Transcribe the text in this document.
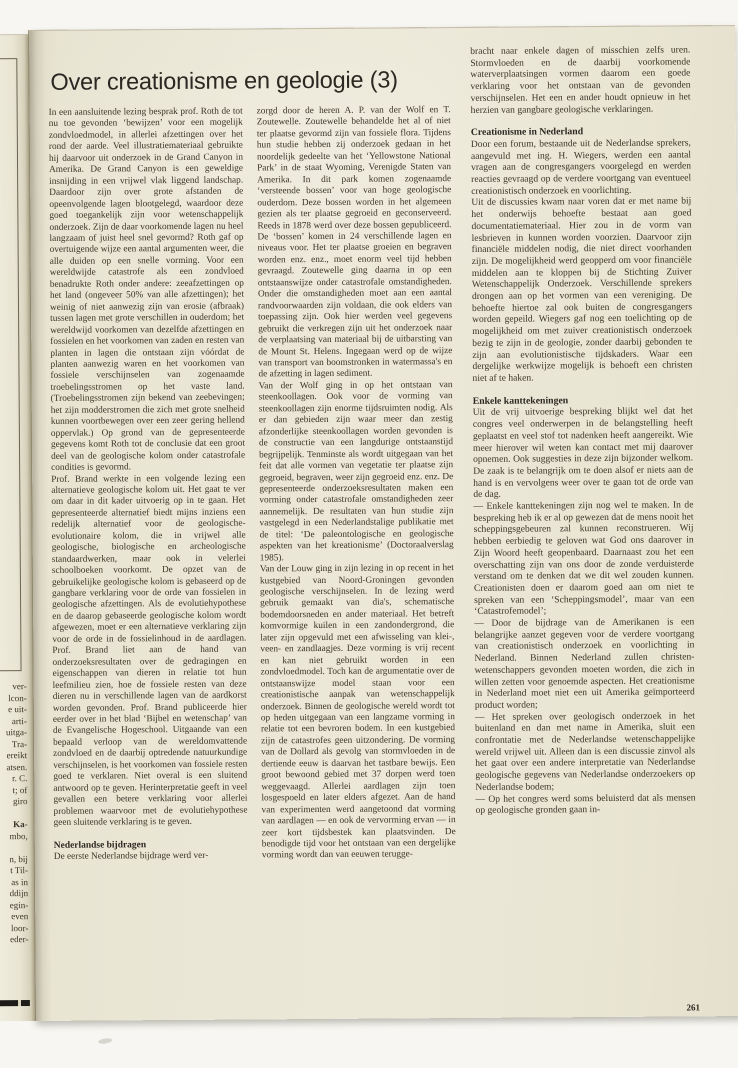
ver-
lcon-
e uit-
arti-
uitga-
Tra-
ereikt
atsen.
r. C.
t; of
giro
Ka-
mbo,
n, bij
t Til-
as in
ddijn
egin-
even
loor-
eder-
Over creationisme en geologie (3)

In een aansluitende lezing besprak prof. Roth de tot nu toe gevonden ‘bewijzen’ voor een mogelijk zondvloedmodel, in allerlei afzettingen over het rond der aarde. Veel illustratiemateriaal gebruikte hij daarvoor uit onderzoek in de Grand Canyon in Amerika. De Grand Canyon is een geweldige insnijding in een vrijwel vlak liggend landschap. Daardoor zijn over grote afstanden de opeenvolgende lagen blootgelegd, waardoor deze goed toegankelijk zijn voor wetenschappelijk onderzoek. Zijn de daar voorkomende lagen nu heel langzaam of juist heel snel gevormd? Roth gaf op overtuigende wijze een aantal argumenten weer, die alle duiden op een snelle vorming. Voor een wereldwijde catastrofe als een zondvloed benadrukte Roth onder andere: zeeafzettingen op het land (ongeveer 50% van alle afzettingen); het weinig of niet aanwezig zijn van erosie (afbraak) tussen lagen met grote verschillen in ouderdom; het wereldwijd voorkomen van dezelfde afzettingen en fossielen en het voorkomen van zaden en resten van planten in lagen die ontstaan zijn vóórdat de planten aanwezig waren en het voorkomen van fossiele verschijnselen van zogenaamde troebelingsstromen op het vaste land. (Troebelingsstromen zijn bekend van zeebevingen; het zijn modderstromen die zich met grote snelheid kunnen voortbewegen over een zeer gering hellend oppervlak.) Op grond van de gepresenteerde gegevens komt Roth tot de conclusie dat een groot deel van de geologische kolom onder catastrofale condities is gevormd.

Prof. Brand werkte in een volgende lezing een alternatieve geologische kolom uit. Het gaat te ver om daar in dit kader uitvoerig op in te gaan. Het gepresenteerde alternatief biedt mijns inziens een redelijk alternatief voor de geologische-evolutionaire kolom, die in vrijwel alle geologische, biologische en archeologische standaardwerken, maar ook in velerlei schoolboeken voorkomt. De opzet van de gebruikelijke geologische kolom is gebaseerd op de gangbare verklaring voor de orde van fossielen in geologische afzettingen. Als de evolutiehypothese en de daarop gebaseerde geologische kolom wordt afgewezen, moet er een alternatieve verklaring zijn voor de orde in de fossielinhoud in de aardlagen. Prof. Brand liet aan de hand van onderzoeksresultaten over de gedragingen en eigenschappen van dieren in relatie tot hun leefmilieu zien, hoe de fossiele resten van deze dieren nu in verschillende lagen van de aardkorst worden gevonden. Prof. Brand publiceerde hier eerder over in het blad ‘Bijbel en wetenschap’ van de Evangelische Hogeschool. Uitgaande van een bepaald verloop van de wereldomvattende zondvloed en de daarbij optredende natuurkundige verschijnselen, is het voorkomen van fossiele resten goed te verklaren. Niet overal is een sluitend antwoord op te geven. Herinterpretatie geeft in veel gevallen een betere verklaring voor allerlei problemen waarvoor met de evolutiehypothese geen sluitende verklaring is te geven.

Nederlandse bijdragen

De eerste Nederlandse bijdrage werd ver-

zorgd door de heren A. P. van der Wolf en T. Zoutewelle. Zoutewelle behandelde het al of niet ter plaatse gevormd zijn van fossiele flora. Tijdens hun studie hebben zij onderzoek gedaan in het noordelijk gedeelte van het ‘Yellowstone National Park’ in de staat Wyoming, Verenigde Staten van Amerika. In dit park komen zogenaamde ‘versteende bossen’ voor van hoge geologische ouderdom. Deze bossen worden in het algemeen gezien als ter plaatse gegroeid en geconserveerd. Reeds in 1878 werd over deze bossen gepubliceerd. De ‘bossen’ komen in 24 verschillende lagen en niveaus voor. Het ter plaatse groeien en begraven worden enz. enz., moet enorm veel tijd hebben gevraagd. Zoutewelle ging daarna in op een ontstaanswijze onder catastrofale omstandigheden. Onder die omstandigheden moet aan een aantal randvoorwaarden zijn voldaan, die ook elders van toepassing zijn. Ook hier werden veel gegevens gebruikt die verkregen zijn uit het onderzoek naar de verplaatsing van materiaal bij de uitbarsting van de Mount St. Helens. Ingegaan werd op de wijze van transport van boomstronken in watermassa's en de afzetting in lagen sediment.

Van der Wolf ging in op het ontstaan van steenkoollagen. Ook voor de vorming van steenkoollagen zijn enorme tijdsruimten nodig. Als er dan gebieden zijn waar meer dan zestig afzonderlijke steenkoollagen worden gevonden is de constructie van een langdurige ontstaanstijd begrijpelijk. Tenminste als wordt uitgegaan van het feit dat alle vormen van vegetatie ter plaatse zijn gegroeid, begraven, weer zijn gegroeid enz. enz. De gepresenteerde onderzoeksresultaten maken een vorming onder catastrofale omstandigheden zeer aannemelijk. De resultaten van hun studie zijn vastgelegd in een Nederlandstalige publikatie met de titel: ‘De paleontologische en geologische aspekten van het kreationisme’ (Doctoraalverslag 1985).

Van der Louw ging in zijn lezing in op recent in het kustgebied van Noord-Groningen gevonden geologische verschijnselen. In de lezing werd gebruik gemaakt van dia's, schematische bodemdoorsneden en ander materiaal. Het betreft komvormige kuilen in een zandondergrond, die later zijn opgevuld met een afwisseling van klei-, veen- en zandlaagjes. Deze vorming is vrij recent en kan niet gebruikt worden in een zondvloedmodel. Toch kan de argumentatie over de ontstaanswijze model staan voor een creationistische aanpak van wetenschappelijk onderzoek. Binnen de geologische wereld wordt tot op heden uitgegaan van een langzame vorming in relatie tot een bevroren bodem. In een kustgebied zijn de catastrofes geen uitzondering. De vorming van de Dollard als gevolg van stormvloeden in de dertiende eeuw is daarvan het tastbare bewijs. Een groot bewoond gebied met 37 dorpen werd toen weggevaagd. Allerlei aardlagen zijn toen losgespoeld en later elders afgezet. Aan de hand van experimenten werd aangetoond dat vorming van aardlagen — en ook de vervorming ervan — in zeer kort tijdsbestek kan plaatsvinden. De benodigde tijd voor het ontstaan van een dergelijke vorming wordt dan van eeuwen terugge-

bracht naar enkele dagen of misschien zelfs uren. Stormvloeden en de daarbij voorkomende waterverplaatsingen vormen daarom een goede verklaring voor het ontstaan van de gevonden verschijnselen. Het een en ander houdt opnieuw in het herzien van gangbare geologische verklaringen.

Creationisme in Nederland

Door een forum, bestaande uit de Nederlandse sprekers, aangevuld met ing. H. Wiegers, werden een aantal vragen aan de congresgangers voorgelegd en werden reacties gevraagd op de verdere voortgang van eventueel creationistisch onderzoek en voorlichting.

Uit de discussies kwam naar voren dat er met name bij het onderwijs behoefte bestaat aan goed documentatiemateriaal. Hier zou in de vorm van lesbrieven in kunnen worden voorzien. Daarvoor zijn financiële middelen nodig, die niet direct voorhanden zijn. De mogelijkheid werd geopperd om voor financiële middelen aan te kloppen bij de Stichting Zuiver Wetenschappelijk Onderzoek. Verschillende sprekers drongen aan op het vormen van een vereniging. De behoefte hiertoe zal ook buiten de congresgangers worden gepeild. Wiegers gaf nog een toelichting op de mogelijkheid om met zuiver creationistisch onderzoek bezig te zijn in de geologie, zonder daarbij gebonden te zijn aan evolutionistische tijdskaders. Waar een dergelijke werkwijze mogelijk is behoeft een christen niet af te haken.

Enkele kanttekeningen

Uit de vrij uitvoerige bespreking blijkt wel dat het congres veel onderwerpen in de belangstelling heeft geplaatst en veel stof tot nadenken heeft aangereikt. Wie meer hierover wil weten kan contact met mij daarover opnemen. Ook suggesties in deze zijn bijzonder welkom. De zaak is te belangrijk om te doen alsof er niets aan de hand is en vervolgens weer over te gaan tot de orde van de dag.

— Enkele kanttekeningen zijn nog wel te maken. In de bespreking heb ik er al op gewezen dat de mens nooit het scheppingsgebeuren zal kunnen reconstrueren. Wij hebben eerbiedig te geloven wat God ons daarover in Zijn Woord heeft geopenbaard. Daarnaast zou het een overschatting zijn van ons door de zonde verduisterde verstand om te denken dat we dit wel zouden kunnen. Creationisten doen er daarom goed aan om niet te spreken van een ‘Scheppingsmodel’, maar van een ‘Catastrofemodel’;

— Door de bijdrage van de Amerikanen is een belangrijke aanzet gegeven voor de verdere voortgang van creationistisch onderzoek en voorlichting in Nederland. Binnen Nederland zullen christen-wetenschappers gevonden moeten worden, die zich in willen zetten voor genoemde aspecten. Het creationisme in Nederland moet niet een uit Amerika geïmporteerd product worden;

— Het spreken over geologisch onderzoek in het buitenland en dan met name in Amerika, sluit een confrontatie met de Nederlandse wetenschappelijke wereld vrijwel uit. Alleen dan is een discussie zinvol als het gaat over een andere interpretatie van Nederlandse geologische gegevens van Nederlandse onderzoekers op Nederlandse bodem;

— Op het congres werd soms beluisterd dat als mensen op geologische gronden gaan in-

261
